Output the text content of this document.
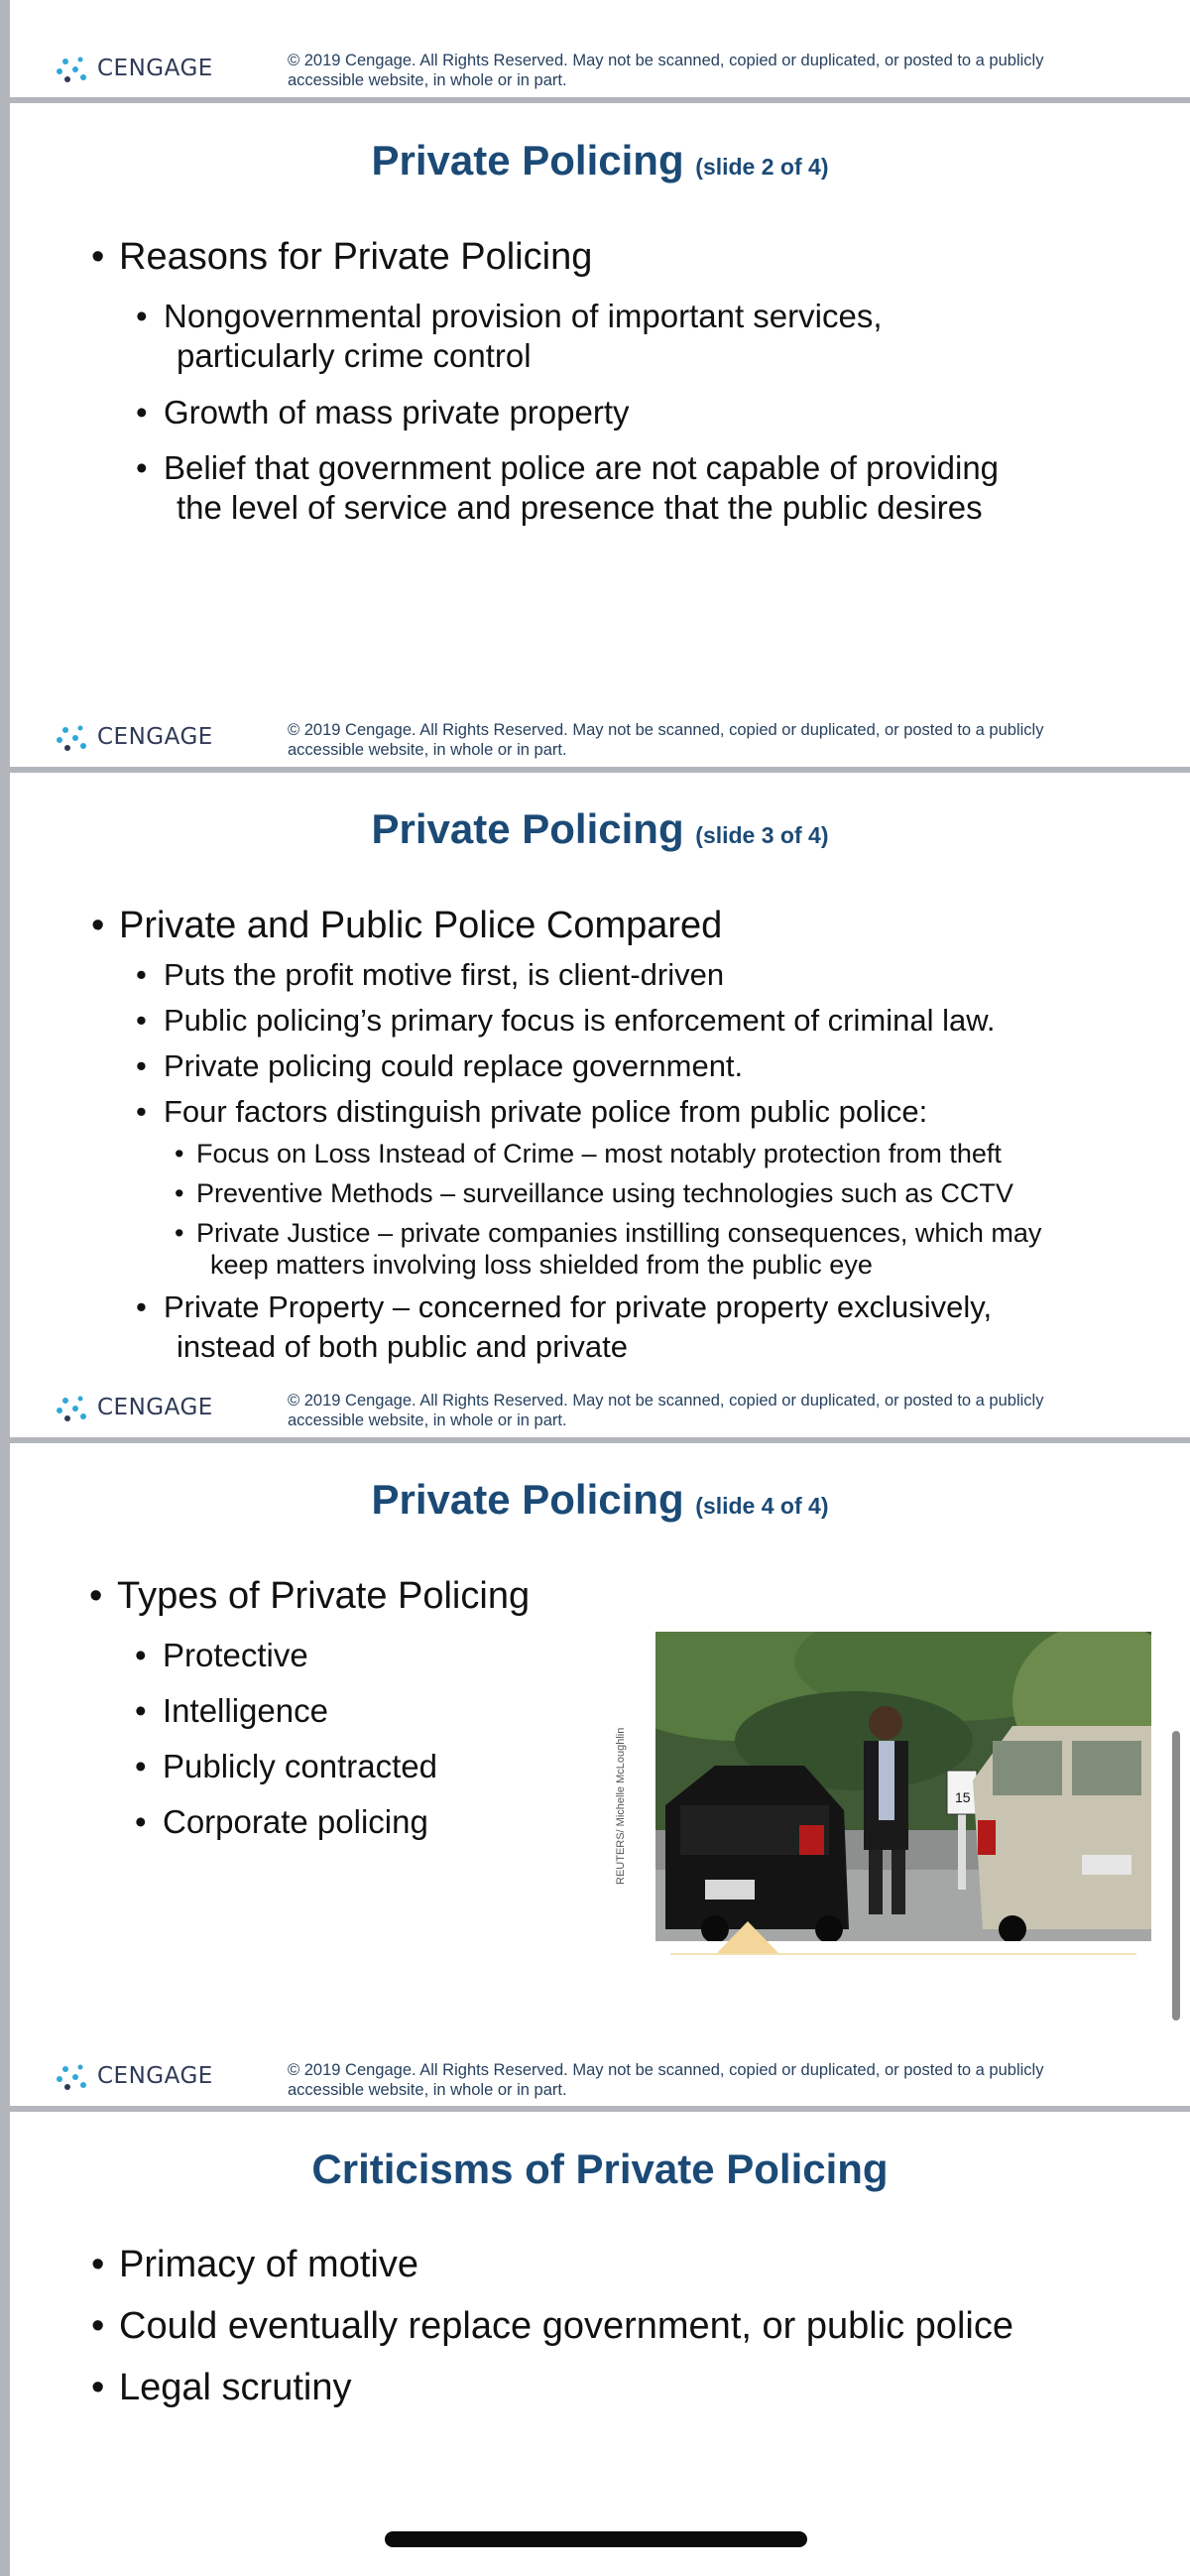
CENGAGE	© 2019 Cengage. All Rights Reserved. May not be scanned, copied or duplicated, or posted to a publicly accessible website, in whole or in part.
CENGAGE	© 2019 Cengage. All Rights Reserved. May not be scanned, copied or duplicated, or posted to a publicly accessible website, in whole or in part.
CENGAGE	© 2019 Cengage. All Rights Reserved. May not be scanned, copied or duplicated, or posted to a publicly accessible website, in whole or in part.
CENGAGE	© 2019 Cengage. All Rights Reserved. May not be scanned, copied or duplicated, or posted to a publicly accessible website, in whole or in part.
Private Policing (slide 2 of 4)
• Reasons for Private Policing
• Nongovernmental provision of important services,
particularly crime control
• Growth of mass private property
• Belief that government police are not capable of providing
the level of service and presence that the public desires
Private Policing (slide 3 of 4)
• Private and Public Police Compared
• Puts the profit motive first, is client-driven
• Public policing’s primary focus is enforcement of criminal law.
• Private policing could replace government.
• Four factors distinguish private police from public police:
• Focus on Loss Instead of Crime – most notably protection from theft
• Preventive Methods – surveillance using technologies such as CCTV
• Private Justice – private companies instilling consequences, which may
keep matters involving loss shielded from the public eye
• Private Property – concerned for private property exclusively,
instead of both public and private
Private Policing (slide 4 of 4)
• Types of Private Policing
• Protective
• Intelligence
• Publicly contracted
• Corporate policing
15
REUTERS/ Michelle McLoughlin
Criticisms of Private Policing
• Primacy of motive
• Could eventually replace government, or public police
• Legal scrutiny
